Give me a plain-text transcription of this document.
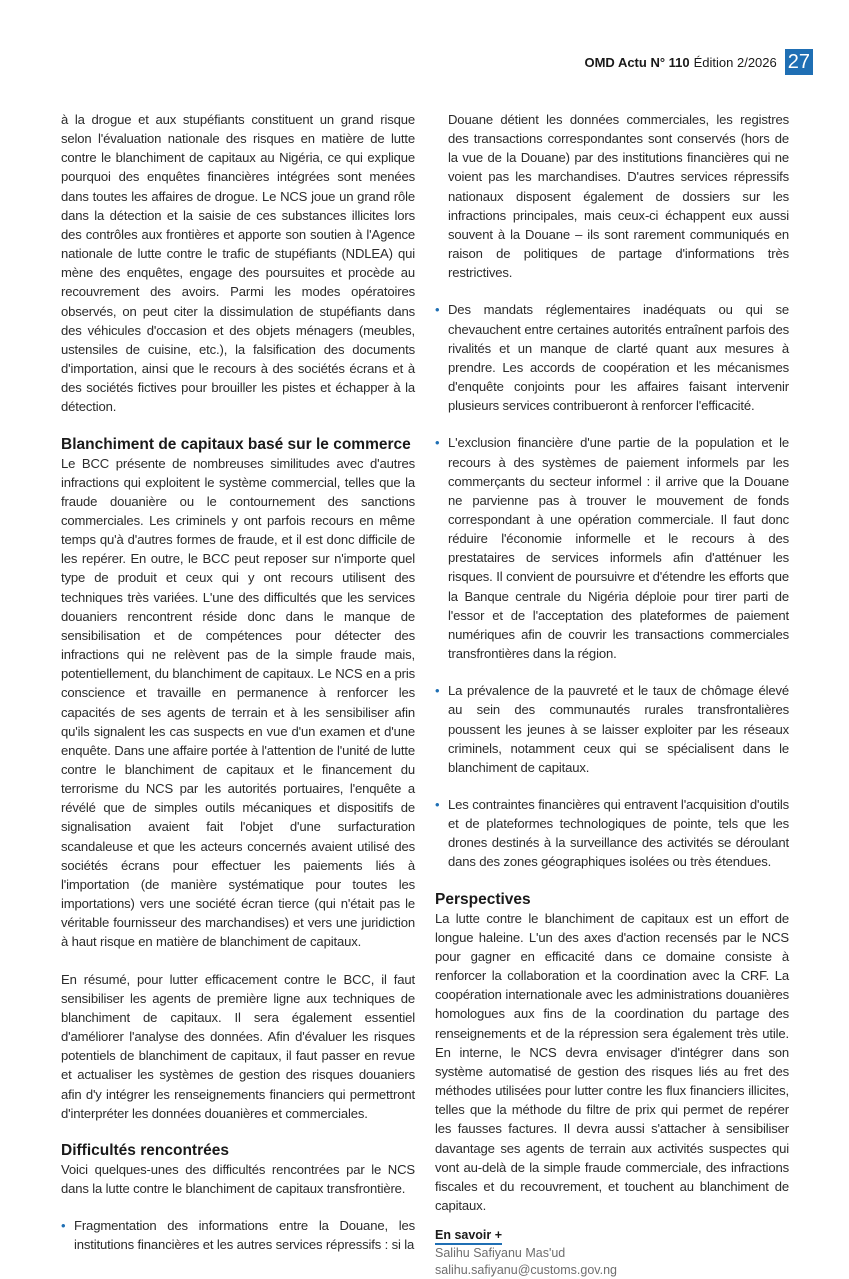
OMD Actu N° 110 Édition 2/2026 27

à la drogue et aux stupéfiants constituent un grand risque selon l'évaluation nationale des risques en matière de lutte contre le blanchiment de capitaux au Nigéria, ce qui explique pourquoi des enquêtes financières intégrées sont menées dans toutes les affaires de drogue. Le NCS joue un grand rôle dans la détection et la saisie de ces substances illicites lors des contrôles aux frontières et apporte son soutien à l'Agence nationale de lutte contre le trafic de stupéfiants (NDLEA) qui mène des enquêtes, engage des poursuites et procède au recouvrement des avoirs. Parmi les modes opératoires observés, on peut citer la dissimulation de stupéfiants dans des véhicules d'occasion et des objets ménagers (meubles, ustensiles de cuisine, etc.), la falsification des documents d'importation, ainsi que le recours à des sociétés écrans et à des sociétés fictives pour brouiller les pistes et échapper à la détection.

Blanchiment de capitaux basé sur le commerce

Le BCC présente de nombreuses similitudes avec d'autres infractions qui exploitent le système commercial, telles que la fraude douanière ou le contournement des sanctions commerciales. Les criminels y ont parfois recours en même temps qu'à d'autres formes de fraude, et il est donc difficile de les repérer. En outre, le BCC peut reposer sur n'importe quel type de produit et ceux qui y ont recours utilisent des techniques très variées. L'une des difficultés que les services douaniers rencontrent réside donc dans le manque de sensibilisation et de compétences pour détecter des infractions qui ne relèvent pas de la simple fraude mais, potentiellement, du blanchiment de capitaux. Le NCS en a pris conscience et travaille en permanence à renforcer les capacités de ses agents de terrain et à les sensibiliser afin qu'ils signalent les cas suspects en vue d'un examen et d'une enquête. Dans une affaire portée à l'attention de l'unité de lutte contre le blanchiment de capitaux et le financement du terrorisme du NCS par les autorités portuaires, l'enquête a révélé que de simples outils mécaniques et dispositifs de signalisation avaient fait l'objet d'une surfacturation scandaleuse et que les acteurs concernés avaient utilisé des sociétés écrans pour effectuer les paiements liés à l'importation (de manière systématique pour toutes les importations) vers une société écran tierce (qui n'était pas le véritable fournisseur des marchandises) et vers une juridiction à haut risque en matière de blanchiment de capitaux.

En résumé, pour lutter efficacement contre le BCC, il faut sensibiliser les agents de première ligne aux techniques de blanchiment de capitaux. Il sera également essentiel d'améliorer l'analyse des données. Afin d'évaluer les risques potentiels de blanchiment de capitaux, il faut passer en revue et actualiser les systèmes de gestion des risques douaniers afin d'y intégrer les renseignements financiers qui permettront d'interpréter les données douanières et commerciales.

Difficultés rencontrées

Voici quelques-unes des difficultés rencontrées par le NCS dans la lutte contre le blanchiment de capitaux transfrontière.

• Fragmentation des informations entre la Douane, les institutions financières et les autres services répressifs : si la

Douane détient les données commerciales, les registres des transactions correspondantes sont conservés (hors de la vue de la Douane) par des institutions financières qui ne voient pas les marchandises. D'autres services répressifs nationaux disposent également de dossiers sur les infractions principales, mais ceux-ci échappent eux aussi souvent à la Douane – ils sont rarement communiqués en raison de politiques de partage d'informations très restrictives.

• Des mandats réglementaires inadéquats ou qui se chevauchent entre certaines autorités entraînent parfois des rivalités et un manque de clarté quant aux mesures à prendre. Les accords de coopération et les mécanismes d'enquête conjoints pour les affaires faisant intervenir plusieurs services contribueront à renforcer l'efficacité.

• L'exclusion financière d'une partie de la population et le recours à des systèmes de paiement informels par les commerçants du secteur informel : il arrive que la Douane ne parvienne pas à trouver le mouvement de fonds correspondant à une opération commerciale. Il faut donc réduire l'économie informelle et le recours à des prestataires de services informels afin d'atténuer les risques. Il convient de poursuivre et d'étendre les efforts que la Banque centrale du Nigéria déploie pour tirer parti de l'essor et de l'acceptation des plateformes de paiement numériques afin de couvrir les transactions commerciales transfrontières dans la région.

• La prévalence de la pauvreté et le taux de chômage élevé au sein des communautés rurales transfrontalières poussent les jeunes à se laisser exploiter par les réseaux criminels, notamment ceux qui se spécialisent dans le blanchiment de capitaux.

• Les contraintes financières qui entravent l'acquisition d'outils et de plateformes technologiques de pointe, tels que les drones destinés à la surveillance des activités se déroulant dans des zones géographiques isolées ou très étendues.

Perspectives

La lutte contre le blanchiment de capitaux est un effort de longue haleine. L'un des axes d'action recensés par le NCS pour gagner en efficacité dans ce domaine consiste à renforcer la collaboration et la coordination avec la CRF. La coopération internationale avec les administrations douanières homologues aux fins de la coordination du partage des renseignements et de la répression sera également très utile. En interne, le NCS devra envisager d'intégrer dans son système automatisé de gestion des risques liés au fret des méthodes utilisées pour lutter contre les flux financiers illicites, telles que la méthode du filtre de prix qui permet de repérer les fausses factures. Il devra aussi s'attacher à sensibiliser davantage ses agents de terrain aux activités suspectes qui vont au-delà de la simple fraude commerciale, des infractions fiscales et du recouvrement, et touchent au blanchiment de capitaux.

En savoir +
Salihu Safiyanu Mas'ud
salihu.safiyanu@customs.gov.ng
